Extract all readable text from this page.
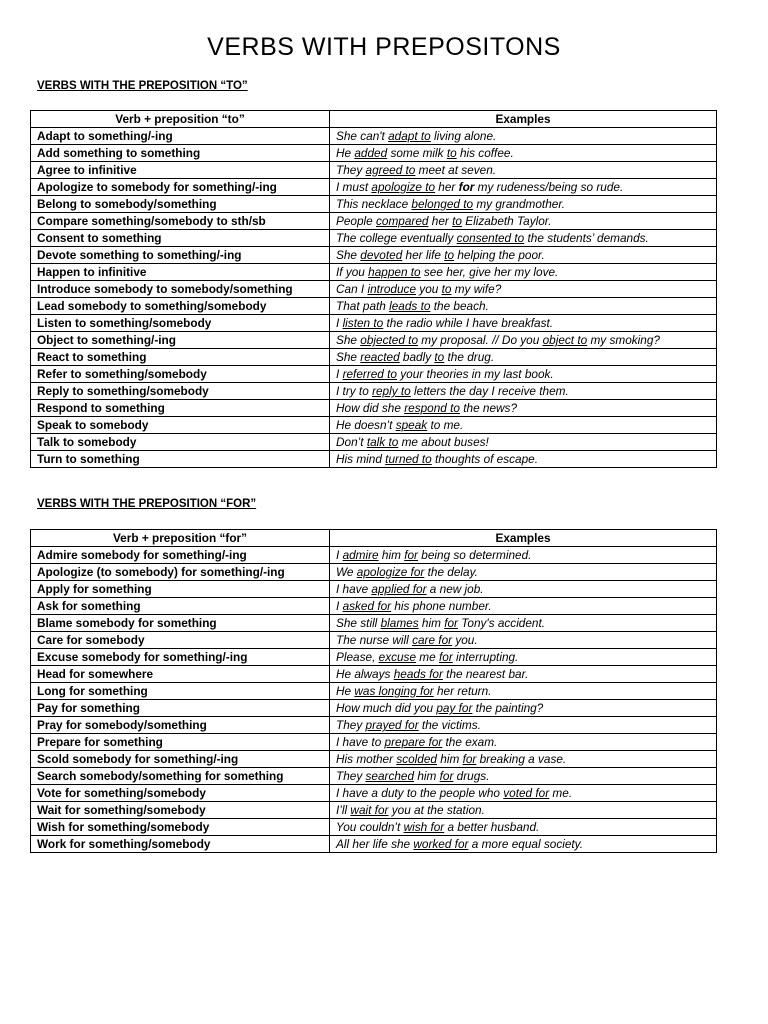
VERBS WITH PREPOSITONS
VERBS WITH THE PREPOSITION “TO”
Verb + preposition “to”	Examples
Adapt to something/-ing	She can't adapt to living alone.
Add something to something	He added some milk to his coffee.
Agree to infinitive	They agreed to meet at seven.
Apologize to somebody for something/-ing	I must apologize to her for my rudeness/being so rude.
Belong to somebody/something	This necklace belonged to my grandmother.
Compare something/somebody to sth/sb	People compared her to Elizabeth Taylor.
Consent to something	The college eventually consented to the students’ demands.
Devote something to something/-ing	She devoted her life to helping the poor.
Happen to infinitive	If you happen to see her, give her my love.
Introduce somebody to somebody/something	Can I introduce you to my wife?
Lead somebody to something/somebody	That path leads to the beach.
Listen to something/somebody	I listen to the radio while I have breakfast.
Object to something/-ing	She objected to my proposal. // Do you object to my smoking?
React to something	She reacted badly to the drug.
Refer to something/somebody	I referred to your theories in my last book.
Reply to something/somebody	I try to reply to letters the day I receive them.
Respond to something	How did she respond to the news?
Speak to somebody	He doesn’t speak to me.
Talk to somebody	Don’t talk to me about buses!
Turn to something	His mind turned to thoughts of escape.
VERBS WITH THE PREPOSITION “FOR”
Verb + preposition “for”	Examples
Admire somebody for something/-ing	I admire him for being so determined.
Apologize (to somebody) for something/-ing	We apologize for the delay.
Apply for something	I have applied for a new job.
Ask for something	I asked for his phone number.
Blame somebody for something	She still blames him for Tony's accident.
Care for somebody	The nurse will care for you.
Excuse somebody for something/-ing	Please, excuse me for interrupting.
Head for somewhere	He always heads for the nearest bar.
Long for something	He was longing for her return.
Pay for something	How much did you pay for the painting?
Pray for somebody/something	They prayed for the victims.
Prepare for something	I have to prepare for the exam.
Scold somebody for something/-ing	His mother scolded him for breaking a vase.
Search somebody/something for something	They searched him for drugs.
Vote for something/somebody	I have a duty to the people who voted for me.
Wait for something/somebody	I’ll wait for you at the station.
Wish for something/somebody	You couldn’t wish for a better husband.
Work for something/somebody	All her life she worked for a more equal society.
